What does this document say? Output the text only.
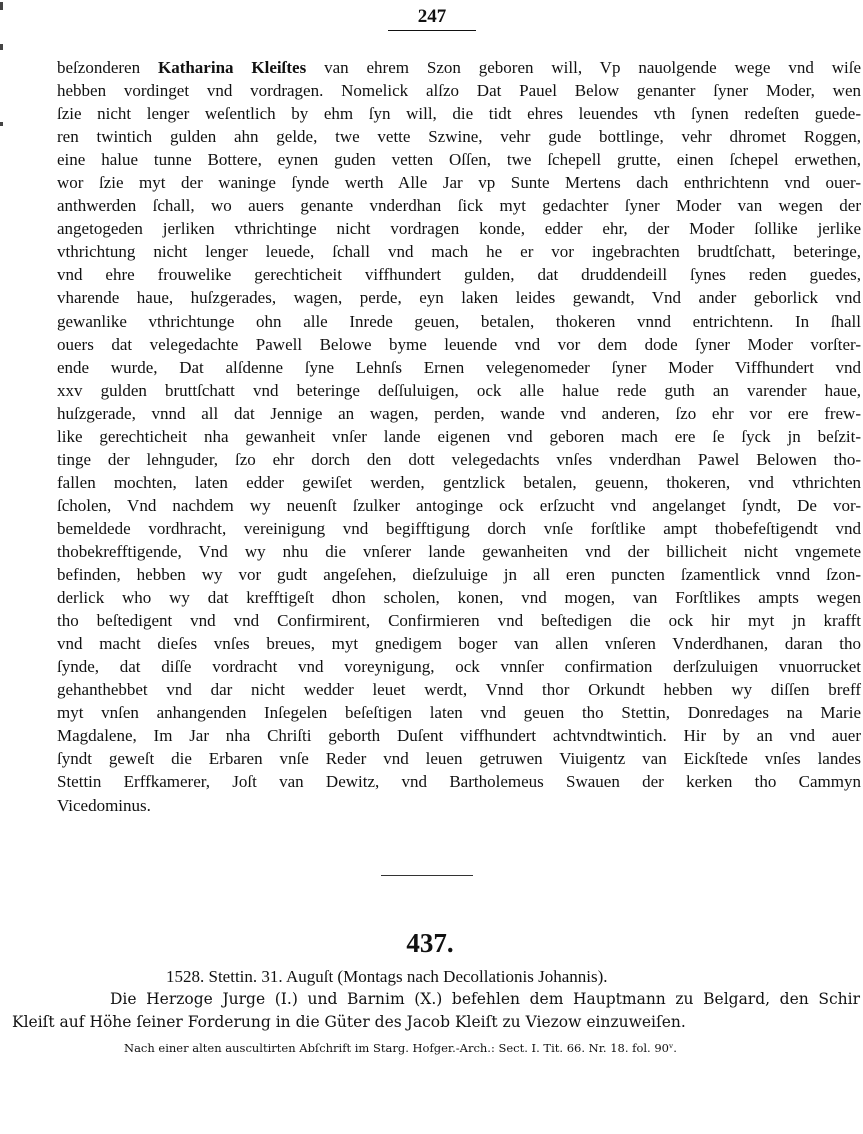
247
beſzonderen Katharina Kleiſtes van ehrem Szon geboren will, Vp nauolgende wege vnd wiſe
hebben vordinget vnd vordragen. Nomelick alſzo Dat Pauel Below genanter ſyner Moder, wen
ſzie nicht lenger weſentlich by ehm ſyn will, die tidt ehres leuendes vth ſynen redeſten guede-
ren twintich gulden ahn gelde, twe vette Szwine, vehr gude bottlinge, vehr dhromet Roggen,
eine halue tunne Bottere, eynen guden vetten Oſſen, twe ſchepell grutte, einen ſchepel erwethen,
wor ſzie myt der waninge ſynde werth Alle Jar vp Sunte Mertens dach enthrichtenn vnd ouer-
anthwerden ſchall, wo auers genante vnderdhan ſick myt gedachter ſyner Moder van wegen der
angetogeden jerliken vthrichtinge nicht vordragen konde, edder ehr, der Moder ſollike jerlike
vthrichtung nicht lenger leuede, ſchall vnd mach he er vor ingebrachten brudtſchatt, beteringe,
vnd ehre frouwelike gerechticheit viffhundert gulden, dat druddendeill ſynes reden guedes,
vharende haue, huſzgerades, wagen, perde, eyn laken leides gewandt, Vnd ander geborlick vnd
gewanlike vthrichtunge ohn alle Inrede geuen, betalen, thokeren vnnd entrichtenn. In ſhall
ouers dat velegedachte Pawell Belowe byme leuende vnd vor dem dode ſyner Moder vorſter-
ende wurde, Dat alſdenne ſyne Lehnſs Ernen velegenomeder ſyner Moder Viffhundert vnd
xxv gulden bruttſchatt vnd beteringe deſſuluigen, ock alle halue rede guth an varender haue,
huſzgerade, vnnd all dat Jennige an wagen, perden, wande vnd anderen, ſzo ehr vor ere frew-
like gerechticheit nha gewanheit vnſer lande eigenen vnd geboren mach ere ſe ſyck jn beſzit-
tinge der lehnguder, ſzo ehr dorch den dott velegedachts vnſes vnderdhan Pawel Belowen tho-
fallen mochten, laten edder gewiſet werden, gentzlick betalen, geuenn, thokeren, vnd vthrichten
ſcholen, Vnd nachdem wy neuenſt ſzulker antoginge ock erſzucht vnd angelanget ſyndt, De vor-
bemeldede vordhracht, vereinigung vnd begifftigung dorch vnſe forſtlike ampt thobefeſtigendt vnd
thobekrefftigende, Vnd wy nhu die vnſerer lande gewanheiten vnd der billicheit nicht vngemete
befinden, hebben wy vor gudt angeſehen, dieſzuluige jn all eren puncten ſzamentlick vnnd ſzon-
derlick who wy dat krefftigeſt dhon scholen, konen, vnd mogen, van Forſtlikes ampts wegen
tho beſtedigent vnd vnd Confirmirent, Confirmieren vnd beſtedigen die ock hir myt jn krafft
vnd macht dieſes vnſes breues, myt gnedigem boger van allen vnſeren Vnderdhanen, daran tho
ſynde, dat diſſe vordracht vnd voreynigung, ock vnnſer confirmation derſzuluigen vnuorrucket
gehanthebbet vnd dar nicht wedder leuet werdt, Vnnd thor Orkundt hebben wy diſſen breff
myt vnſen anhangenden Inſegelen beſeſtigen laten vnd geuen tho Stettin, Donredages na Marie
Magdalene, Im Jar nha Chriſti geborth Duſent viffhundert achtvndtwintich. Hir by an vnd auer
ſyndt geweſt die Erbaren vnſe Reder vnd leuen getruwen Viuigentz van Eickſtede vnſes landes
Stettin Erffkamerer, Joſt van Dewitz, vnd Bartholemeus Swauen der kerken tho Cammyn
Vicedominus.
437.
1528. Stettin. 31. Auguſt (Montags nach Decollationis Johannis).
Die Herzoge Jurge (I.) und Barnim (X.) befehlen dem Hauptmann zu Belgard, den Schir
Kleiſt auf Höhe ſeiner Forderung in die Güter des Jacob Kleiſt zu Viezow einzuweiſen.
Nach einer alten auscultirten Abſchrift im Starg. Hofger.-Arch.: Sect. I. Tit. 66. Nr. 18. fol. 90ᵛ.
